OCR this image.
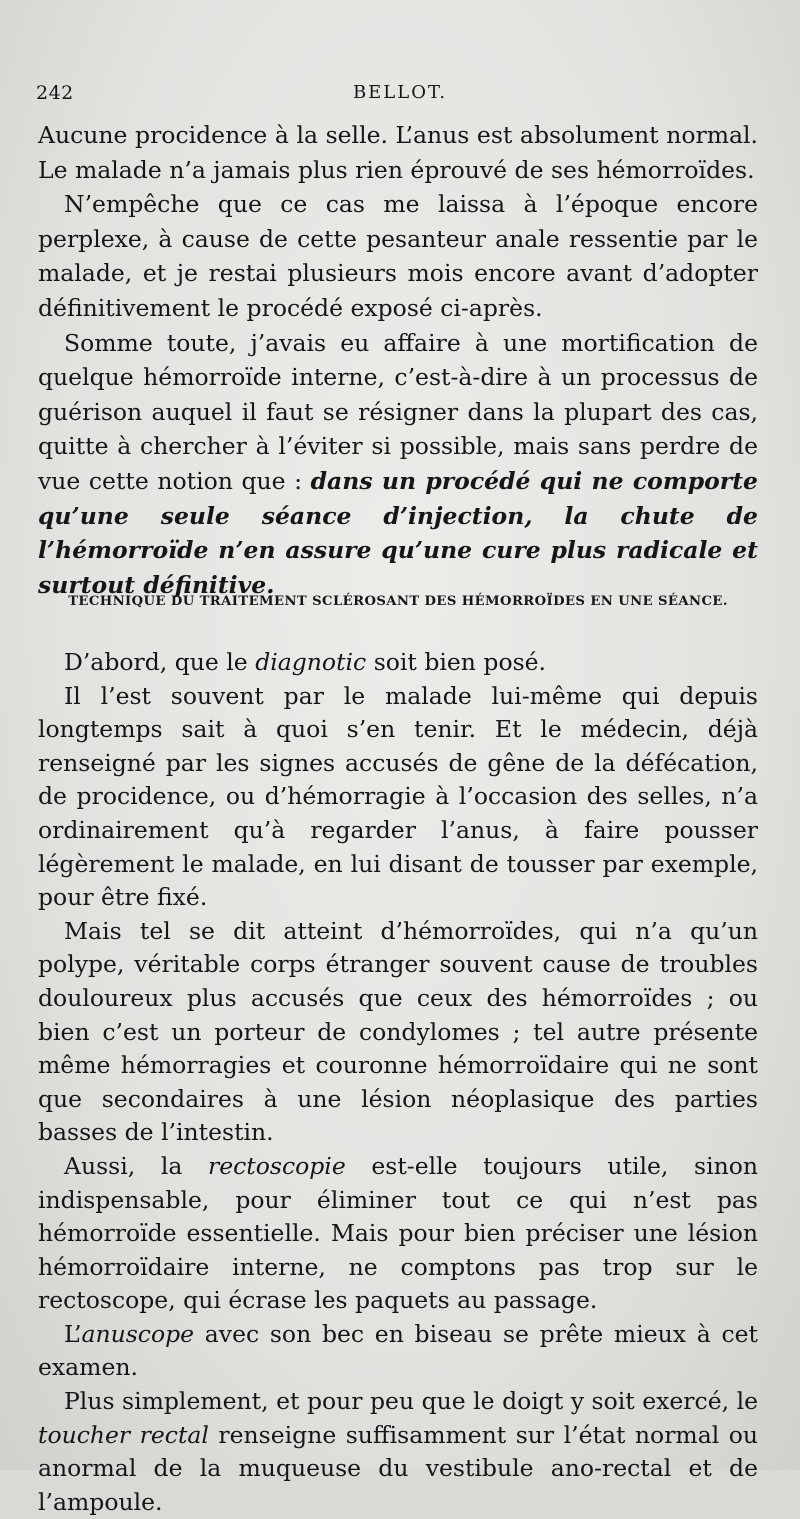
242	BELLOT.

Aucune procidence à la selle. L’anus est absolument normal. Le malade n’a jamais plus rien éprouvé de ses hémorroïdes.

N’empêche que ce cas me laissa à l’époque encore perplexe, à cause de cette pesanteur anale ressentie par le malade, et je restai plusieurs mois encore avant d’adopter définitivement le procédé exposé ci-après.

Somme toute, j’avais eu affaire à une mortification de quelque hémorroïde interne, c’est-à-dire à un processus de guérison auquel il faut se résigner dans la plupart des cas, quitte à chercher à l’éviter si possible, mais sans perdre de vue cette notion que : dans un procédé qui ne comporte qu’une seule séance d’injection, la chute de l’hémorroïde n’en assure qu’une cure plus radicale et surtout définitive.

TECHNIQUE DU TRAITEMENT SCLÉROSANT DES HÉMORROÏDES EN UNE SÉANCE.

D’abord, que le diagnotic soit bien posé.

Il l’est souvent par le malade lui-même qui depuis longtemps sait à quoi s’en tenir. Et le médecin, déjà renseigné par les signes accusés de gêne de la défécation, de procidence, ou d’hémorragie à l’occasion des selles, n’a ordinairement qu’à regarder l’anus, à faire pousser légèrement le malade, en lui disant de tousser par exemple, pour être fixé.

Mais tel se dit atteint d’hémorroïdes, qui n’a qu’un polype, véritable corps étranger souvent cause de troubles douloureux plus accusés que ceux des hémorroïdes ; ou bien c’est un porteur de condylomes ; tel autre présente même hémorragies et couronne hémorroïdaire qui ne sont que secondaires à une lésion néoplasique des parties basses de l’intestin.

Aussi, la rectoscopie est-elle toujours utile, sinon indispensable, pour éliminer tout ce qui n’est pas hémorroïde essentielle. Mais pour bien préciser une lésion hémorroïdaire interne, ne comptons pas trop sur le rectoscope, qui écrase les paquets au passage.

L’anuscope avec son bec en biseau se prête mieux à cet examen.

Plus simplement, et pour peu que le doigt y soit exercé, le toucher rectal renseigne suffisamment sur l’état normal ou anormal de la muqueuse du vestibule ano-rectal et de l’ampoule.
